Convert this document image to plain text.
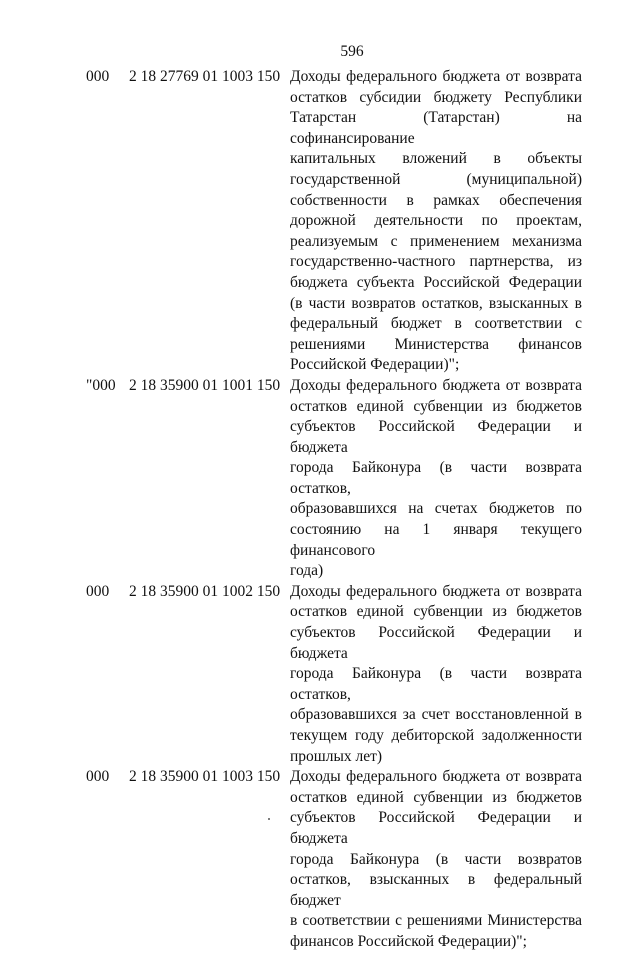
596
000 2 18 27769 01 1003 150 Доходы федерального бюджета от возврата
остатков субсидии бюджету Республики
Татарстан (Татарстан) на софинансирование
капитальных вложений в объекты
государственной (муниципальной)
собственности в рамках обеспечения
дорожной деятельности по проектам,
реализуемым с применением механизма
государственно-частного партнерства, из
бюджета субъекта Российской Федерации
(в части возвратов остатков, взысканных в
федеральный бюджет в соответствии с
решениями Министерства финансов
Российской Федерации)";
"000 2 18 35900 01 1001 150 Доходы федерального бюджета от возврата
остатков единой субвенции из бюджетов
субъектов Российской Федерации и бюджета
города Байконура (в части возврата остатков,
образовавшихся на счетах бюджетов по
состоянию на 1 января текущего финансового
года)
000 2 18 35900 01 1002 150 Доходы федерального бюджета от возврата
остатков единой субвенции из бюджетов
субъектов Российской Федерации и бюджета
города Байконура (в части возврата остатков,
образовавшихся за счет восстановленной в
текущем году дебиторской задолженности
прошлых лет)
000 2 18 35900 01 1003 150 Доходы федерального бюджета от возврата
остатков единой субвенции из бюджетов
субъектов Российской Федерации и бюджета
города Байконура (в части возвратов
остатков, взысканных в федеральный бюджет
в соответствии с решениями Министерства
финансов Российской Федерации)";
